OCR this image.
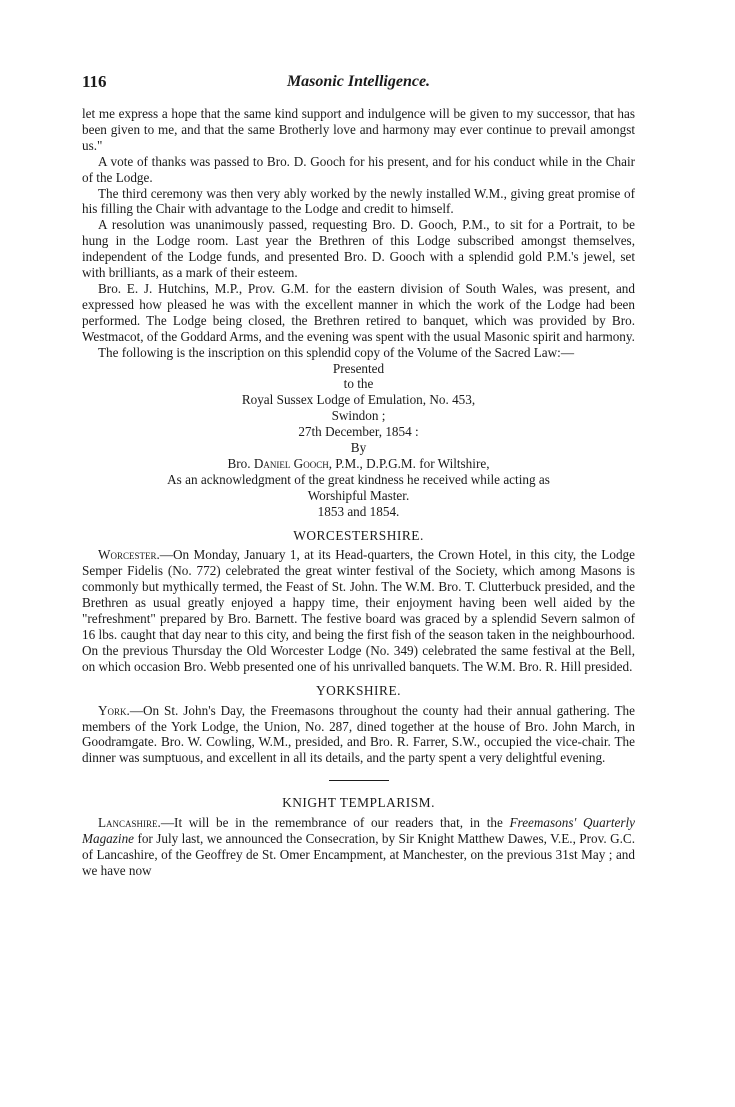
116	Masonic Intelligence.

let me express a hope that the same kind support and indulgence will be given to my successor, that has been given to me, and that the same Brotherly love and harmony may ever continue to prevail amongst us."

A vote of thanks was passed to Bro. D. Gooch for his present, and for his conduct while in the Chair of the Lodge.

The third ceremony was then very ably worked by the newly installed W.M., giving great promise of his filling the Chair with advantage to the Lodge and credit to himself.

A resolution was unanimously passed, requesting Bro. D. Gooch, P.M., to sit for a Portrait, to be hung in the Lodge room. Last year the Brethren of this Lodge subscribed amongst themselves, independent of the Lodge funds, and presented Bro. D. Gooch with a splendid gold P.M.'s jewel, set with brilliants, as a mark of their esteem.

Bro. E. J. Hutchins, M.P., Prov. G.M. for the eastern division of South Wales, was present, and expressed how pleased he was with the excellent manner in which the work of the Lodge had been performed. The Lodge being closed, the Brethren retired to banquet, which was provided by Bro. Westmacot, of the Goddard Arms, and the evening was spent with the usual Masonic spirit and harmony.

The following is the inscription on this splendid copy of the Volume of the Sacred Law:—

Presented
to the
Royal Sussex Lodge of Emulation, No. 453,
Swindon ;
27th December, 1854 :
By
Bro. Daniel Gooch, P.M., D.P.G.M. for Wiltshire,
As an acknowledgment of the great kindness he received while acting as
Worshipful Master.
1853 and 1854.
WORCESTERSHIRE.

Worcester.—On Monday, January 1, at its Head-quarters, the Crown Hotel, in this city, the Lodge Semper Fidelis (No. 772) celebrated the great winter festival of the Society, which among Masons is commonly but mythically termed, the Feast of St. John. The W.M. Bro. T. Clutterbuck presided, and the Brethren as usual greatly enjoyed a happy time, their enjoyment having been well aided by the "refreshment" prepared by Bro. Barnett. The festive board was graced by a splendid Severn salmon of 16 lbs. caught that day near to this city, and being the first fish of the season taken in the neighbourhood. On the previous Thursday the Old Worcester Lodge (No. 349) celebrated the same festival at the Bell, on which occasion Bro. Webb presented one of his unrivalled banquets. The W.M. Bro. R. Hill presided.

YORKSHIRE.

York.—On St. John's Day, the Freemasons throughout the county had their annual gathering. The members of the York Lodge, the Union, No. 287, dined together at the house of Bro. John March, in Goodramgate. Bro. W. Cowling, W.M., presided, and Bro. R. Farrer, S.W., occupied the vice-chair. The dinner was sumptuous, and excellent in all its details, and the party spent a very delightful evening.

KNIGHT TEMPLARISM.

Lancashire.—It will be in the remembrance of our readers that, in the Freemasons' Quarterly Magazine for July last, we announced the Consecration, by Sir Knight Matthew Dawes, V.E., Prov. G.C. of Lancashire, of the Geoffrey de St. Omer Encampment, at Manchester, on the previous 31st May ; and we have now
